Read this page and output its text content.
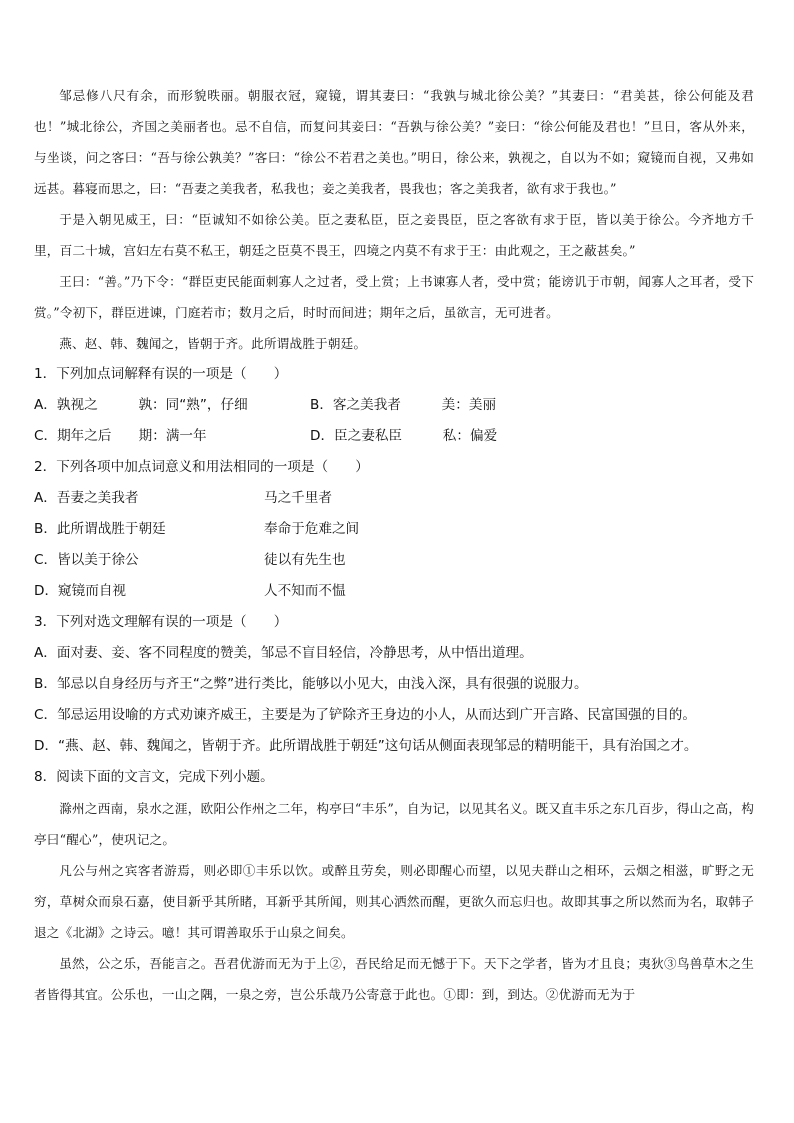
邹忌修八尺有余，而形貌昳丽。朝服衣冠，窥镜，谓其妻曰：“我孰与城北徐公美？”其妻曰：“君美甚，徐公何能及君也！”城北徐公，齐国之美丽者也。忌不自信，而复问其妾曰：“吾孰与徐公美？”妾曰：“徐公何能及君也！”旦日，客从外来，与坐谈，问之客曰：“吾与徐公孰美？”客曰：“徐公不若君之美也。”明日，徐公来，孰视之，自以为不如；窥镜而自视，又弗如远甚。暮寝而思之，曰：“吾妻之美我者，私我也；妾之美我者，畏我也；客之美我者，欲有求于我也。”

于是入朝见威王，曰：“臣诚知不如徐公美。臣之妻私臣，臣之妾畏臣，臣之客欲有求于臣，皆以美于徐公。今齐地方千里，百二十城，宫妇左右莫不私王，朝廷之臣莫不畏王，四境之内莫不有求于王：由此观之，王之蔽甚矣。”

王曰：“善。”乃下令：“群臣吏民能面刺寡人之过者，受上赏；上书谏寡人者，受中赏；能谤讥于市朝，闻寡人之耳者，受下赏。”令初下，群臣进谏，门庭若市；数月之后，时时而间进；期年之后，虽欲言，无可进者。

燕、赵、韩、魏闻之，皆朝于齐。此所谓战胜于朝廷。

1．下列加点词解释有误的一项是（　　）

A．孰视之　　　孰：同“熟”，仔细	B．客之美我者　　　美：美丽
C．期年之后　　期：满一年	D．臣之妻私臣　　　私：偏爱

2．下列各项中加点词意义和用法相同的一项是（　　）

A．吾妻之美我者	马之千里者
B．此所谓战胜于朝廷	奉命于危难之间
C．皆以美于徐公	徒以有先生也
D．窥镜而自视	人不知而不愠

3．下列对选文理解有误的一项是（　　）

A．面对妻、妾、客不同程度的赞美，邹忌不盲目轻信，冷静思考，从中悟出道理。

B．邹忌以自身经历与齐王“之弊”进行类比，能够以小见大，由浅入深，具有很强的说服力。

C．邹忌运用设喻的方式劝谏齐威王，主要是为了铲除齐王身边的小人，从而达到广开言路、民富国强的目的。

D．“燕、赵、韩、魏闻之，皆朝于齐。此所谓战胜于朝廷”这句话从侧面表现邹忌的精明能干，具有治国之才。

8．阅读下面的文言文，完成下列小题。

滁州之西南，泉水之涯，欧阳公作州之二年，构亭曰“丰乐”，自为记，以见其名义。既又直丰乐之东几百步，得山之高，构亭曰“醒心”，使巩记之。

凡公与州之宾客者游焉，则必即①丰乐以饮。或醉且劳矣，则必即醒心而望，以见夫群山之相环，云烟之相滋，旷野之无穷，草树众而泉石嘉，使目新乎其所睹，耳新乎其所闻，则其心洒然而醒，更欲久而忘归也。故即其事之所以然而为名，取韩子退之《北湖》之诗云。噫！其可谓善取乐于山泉之间矣。

虽然，公之乐，吾能言之。吾君优游而无为于上②，吾民给足而无憾于下。天下之学者，皆为才且良；夷狄③鸟兽草木之生者皆得其宜。公乐也，一山之隅，一泉之旁，岂公乐哉乃公寄意于此也。①即：到，到达。②优游而无为于
